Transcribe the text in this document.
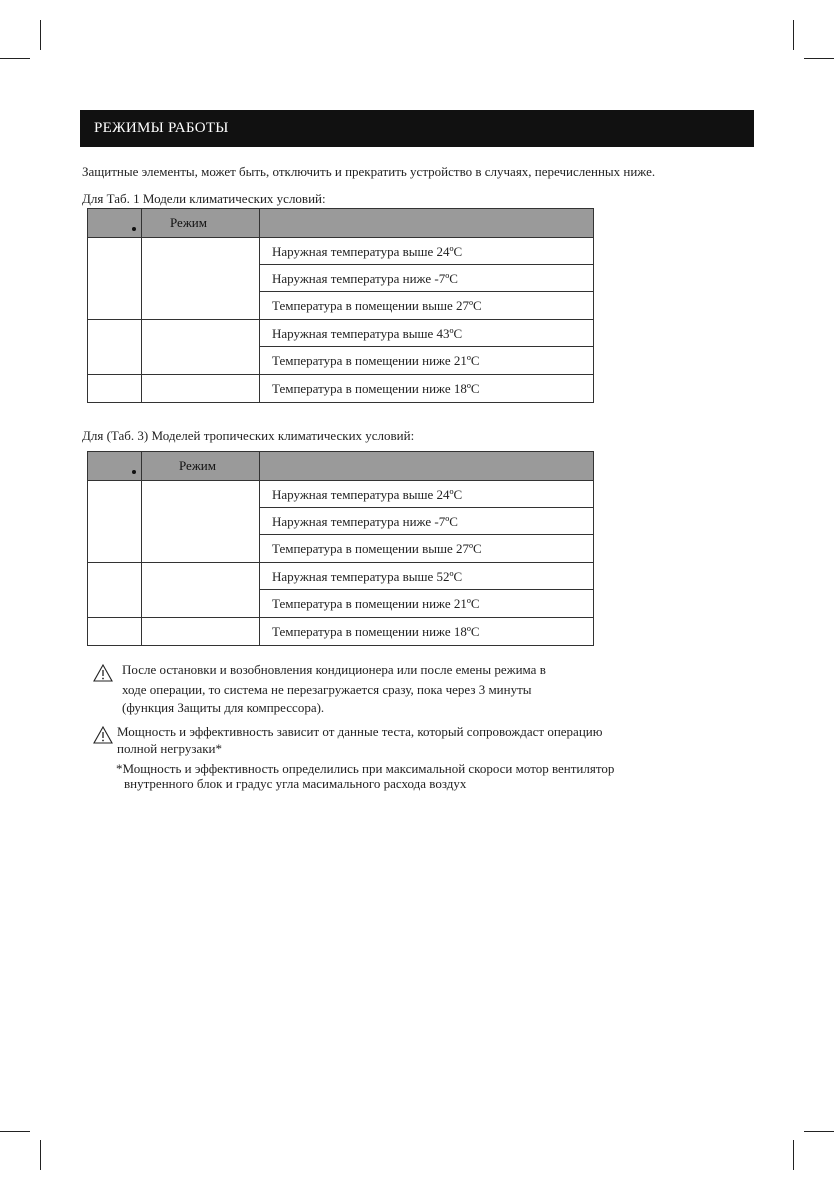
РЕЖИМЫ РАБОТЫ
Защитные элементы, может быть, отключить и прекратить устройство в случаях, перечисленных ниже.
Для Таб. 1 Модели климатических условий:
Режим
Наружная температура выше 24ºC
Наружная температура ниже -7ºC
Температура в помещении выше 27ºC
Наружная температура выше 43ºC
Температура в помещении ниже 21ºC
Температура в помещении ниже 18ºC
Для (Таб. 3) Моделей тропических климатических условий:
Режим
Наружная температура выше 24ºC
Наружная температура ниже -7ºC
Температура в помещении выше 27ºC
Наружная температура выше 52ºC
Температура в помещении ниже 21ºC
Температура в помещении ниже 18ºC
После остановки и возобновления кондиционера или после емены режима в
ходе операции, то система не перезагружается сразу, пока через 3 минуты
(функция Защиты для компрессора).
Мощность и эффективность зависит от данные теста, который сопровождаст операцию
полной негрузаки*
*Мощность и эффективность определились при максимальной скороси мотор вентилятор
внутренного блок и градус угла масимального расхода воздух
